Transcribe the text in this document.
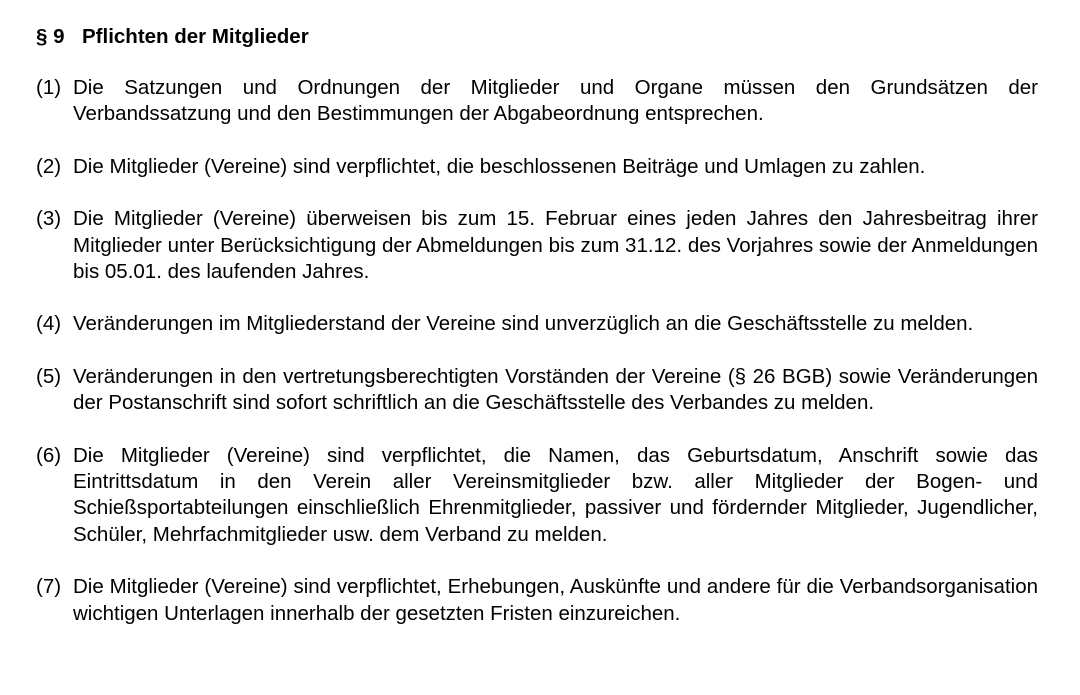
§ 9 Pflichten der Mitglieder
(1) Die Satzungen und Ordnungen der Mitglieder und Organe müssen den Grundsätzen der Verbandssatzung und den Bestimmungen der Abgabeordnung entsprechen.
(2) Die Mitglieder (Vereine) sind verpflichtet, die beschlossenen Beiträge und Umlagen zu zahlen.
(3) Die Mitglieder (Vereine) überweisen bis zum 15. Februar eines jeden Jahres den Jahresbeitrag ihrer Mitglieder unter Berücksichtigung der Abmeldungen bis zum 31.12. des Vorjahres sowie der Anmeldungen bis 05.01. des laufenden Jahres.
(4) Veränderungen im Mitgliederstand der Vereine sind unverzüglich an die Geschäftsstelle zu melden.
(5) Veränderungen in den vertretungsberechtigten Vorständen der Vereine (§ 26 BGB) sowie Veränderungen der Postanschrift sind sofort schriftlich an die Geschäftsstelle des Verbandes zu melden.
(6) Die Mitglieder (Vereine) sind verpflichtet, die Namen, das Geburtsdatum, Anschrift sowie das Eintrittsdatum in den Verein aller Vereinsmitglieder bzw. aller Mitglieder der Bogen- und Schießsportabteilungen einschließlich Ehrenmitglieder, passiver und fördernder Mitglieder, Jugendlicher, Schüler, Mehrfachmitglieder usw. dem Verband zu melden.
(7) Die Mitglieder (Vereine) sind verpflichtet, Erhebungen, Auskünfte und andere für die Verbandsorganisation wichtigen Unterlagen innerhalb der gesetzten Fristen einzureichen.
